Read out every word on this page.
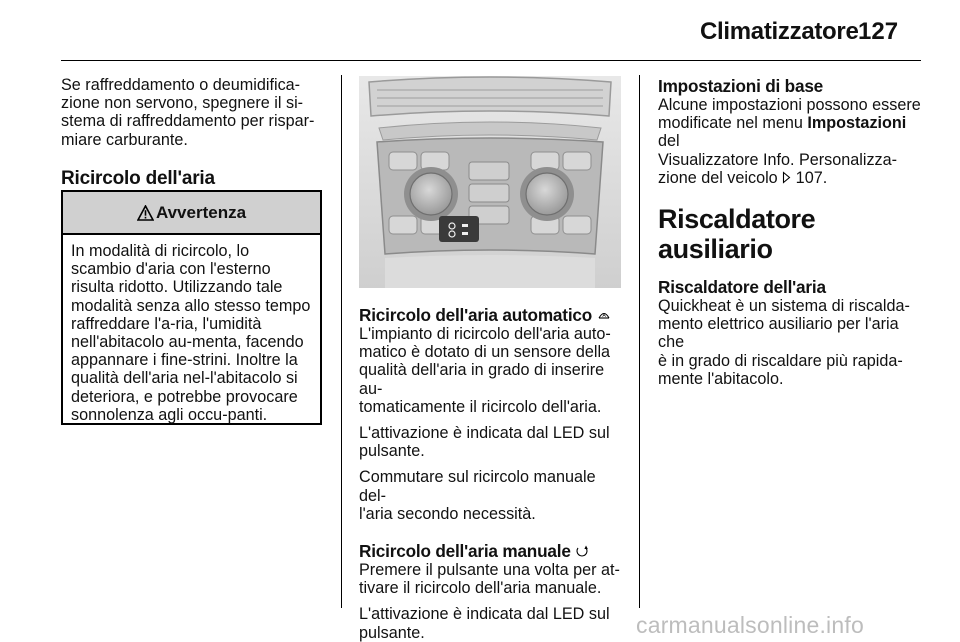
Climatizzatore 127

Se raffreddamento o deumidifica-
zione non servono, spegnere il si-
stema di raffreddamento per rispar-
miare carburante.

Ricircolo dell'aria

Avvertenza
In modalità di ricircolo, lo scambio d'aria con l'esterno risulta ridotto. Utilizzando tale modalità senza allo stesso tempo raffreddare l'a-ria, l'umidità nell'abitacolo au-menta, facendo appannare i fine-strini. Inoltre la qualità dell'aria nel-l'abitacolo si deteriora, e potrebbe provocare sonnolenza agli occu-panti.

Ricircolo dell'aria automatico A

L'impianto di ricircolo dell'aria auto-
matico è dotato di un sensore della
qualità dell'aria in grado di inserire au-
tomaticamente il ricircolo dell'aria.

L'attivazione è indicata dal LED sul
pulsante.

Commutare sul ricircolo manuale del-
l'aria secondo necessità.

Ricircolo dell'aria manuale

Premere il pulsante una volta per at-
tivare il ricircolo dell'aria manuale.

L'attivazione è indicata dal LED sul
pulsante.

Impostazioni di base

Alcune impostazioni possono essere
modificate nel menu Impostazioni del
Visualizzatore Info. Personalizza-
zione del veicolo  107.

Riscaldatore ausiliario

Riscaldatore dell'aria

Quickheat è un sistema di riscalda-
mento elettrico ausiliario per l'aria che
è in grado di riscaldare più rapida-
mente l'abitacolo.

carmanualsonline.info
